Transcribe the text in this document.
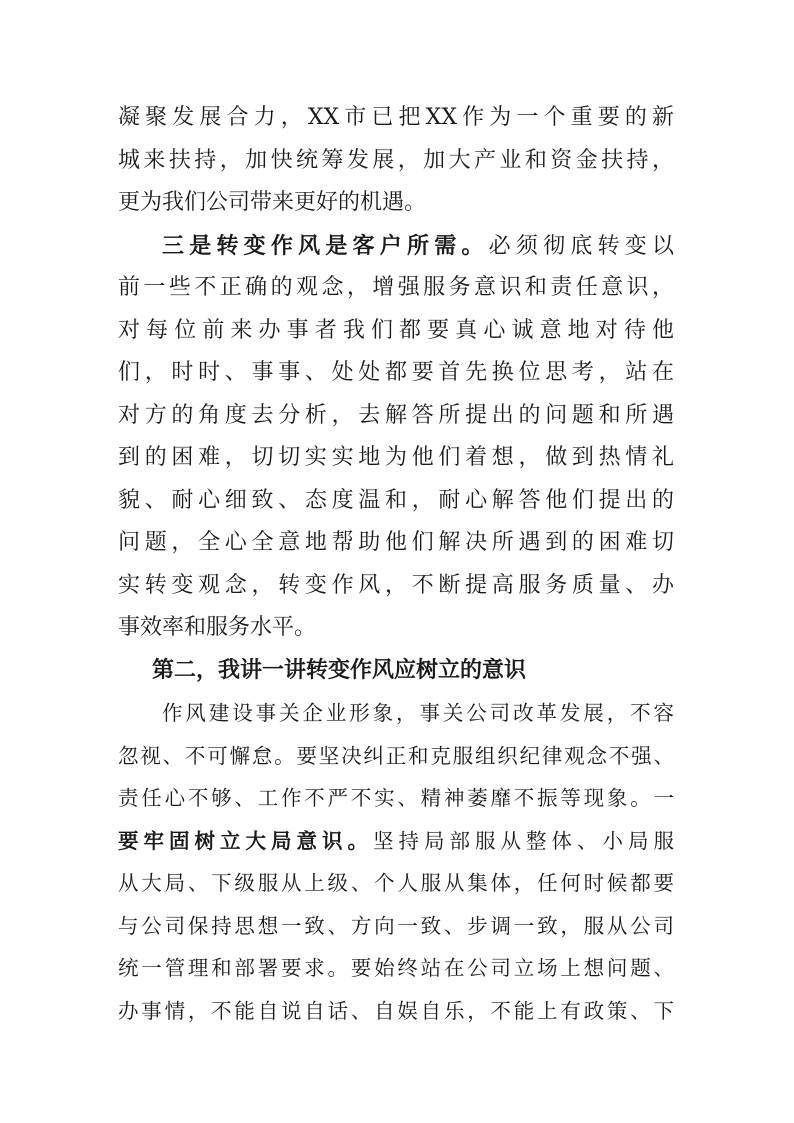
凝聚发展合力，XX市已把XX作为一个重要的新
城来扶持，加快统筹发展，加大产业和资金扶持，
更为我们公司带来更好的机遇。
三是转变作风是客户所需。必须彻底转变以
前一些不正确的观念，增强服务意识和责任意识，
对每位前来办事者我们都要真心诚意地对待他
们，时时、事事、处处都要首先换位思考，站在
对方的角度去分析，去解答所提出的问题和所遇
到的困难，切切实实地为他们着想，做到热情礼
貌、耐心细致、态度温和，耐心解答他们提出的
问题，全心全意地帮助他们解决所遇到的困难切
实转变观念，转变作风，不断提高服务质量、办
事效率和服务水平。
第二，我讲一讲转变作风应树立的意识
作风建设事关企业形象，事关公司改革发展，不容
忽视、不可懈怠。要坚决纠正和克服组织纪律观念不强、
责任心不够、工作不严不实、精神萎靡不振等现象。一
要牢固树立大局意识。坚持局部服从整体、小局服
从大局、下级服从上级、个人服从集体，任何时候都要
与公司保持思想一致、方向一致、步调一致，服从公司
统一管理和部署要求。要始终站在公司立场上想问题、
办事情，不能自说自话、自娱自乐，不能上有政策、下
